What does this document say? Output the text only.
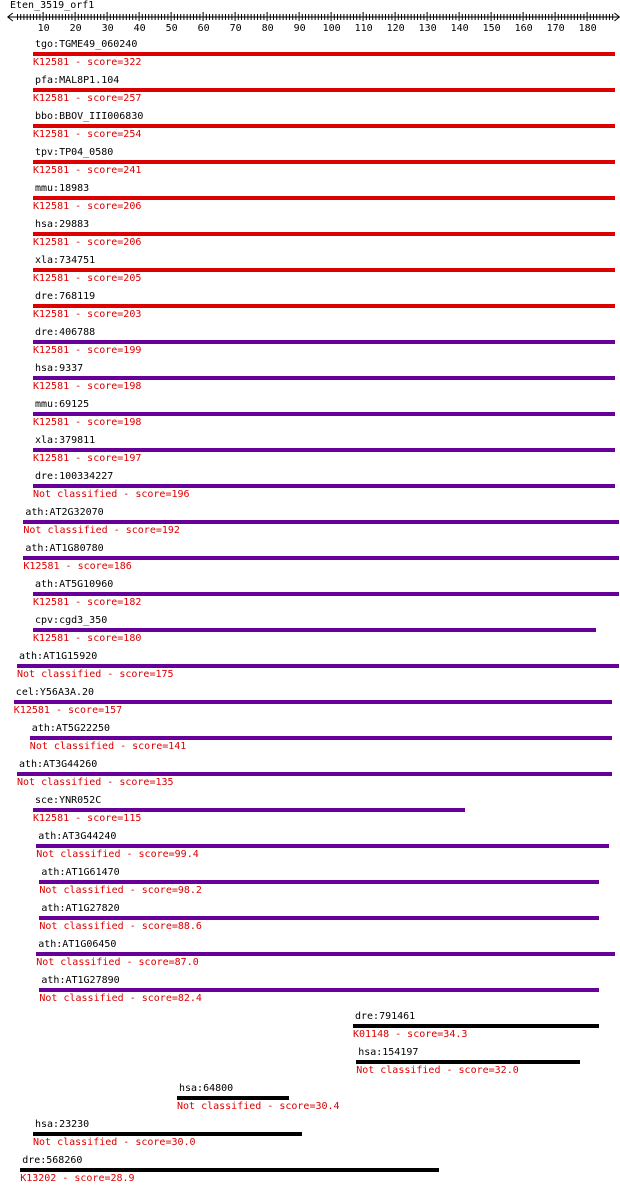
Eten_3519_orf1
10 20 30 40 50 60 70 80 90 100 110 120 130 140 150 160 170 180
tgo:TGME49_060240
K12581 - score=322
pfa:MAL8P1.104
K12581 - score=257
bbo:BBOV_III006830
K12581 - score=254
tpv:TP04_0580
K12581 - score=241
mmu:18983
K12581 - score=206
hsa:29883
K12581 - score=206
xla:734751
K12581 - score=205
dre:768119
K12581 - score=203
dre:406788
K12581 - score=199
hsa:9337
K12581 - score=198
mmu:69125
K12581 - score=198
xla:379811
K12581 - score=197
dre:100334227
Not classified - score=196
ath:AT2G32070
Not classified - score=192
ath:AT1G80780
K12581 - score=186
ath:AT5G10960
K12581 - score=182
cpv:cgd3_350
K12581 - score=180
ath:AT1G15920
Not classified - score=175
cel:Y56A3A.20
K12581 - score=157
ath:AT5G22250
Not classified - score=141
ath:AT3G44260
Not classified - score=135
sce:YNR052C
K12581 - score=115
ath:AT3G44240
Not classified - score=99.4
ath:AT1G61470
Not classified - score=98.2
ath:AT1G27820
Not classified - score=88.6
ath:AT1G06450
Not classified - score=87.0
ath:AT1G27890
Not classified - score=82.4
dre:791461
K01148 - score=34.3
hsa:154197
Not classified - score=32.0
hsa:64800
Not classified - score=30.4
hsa:23230
Not classified - score=30.0
dre:568260
K13202 - score=28.9
